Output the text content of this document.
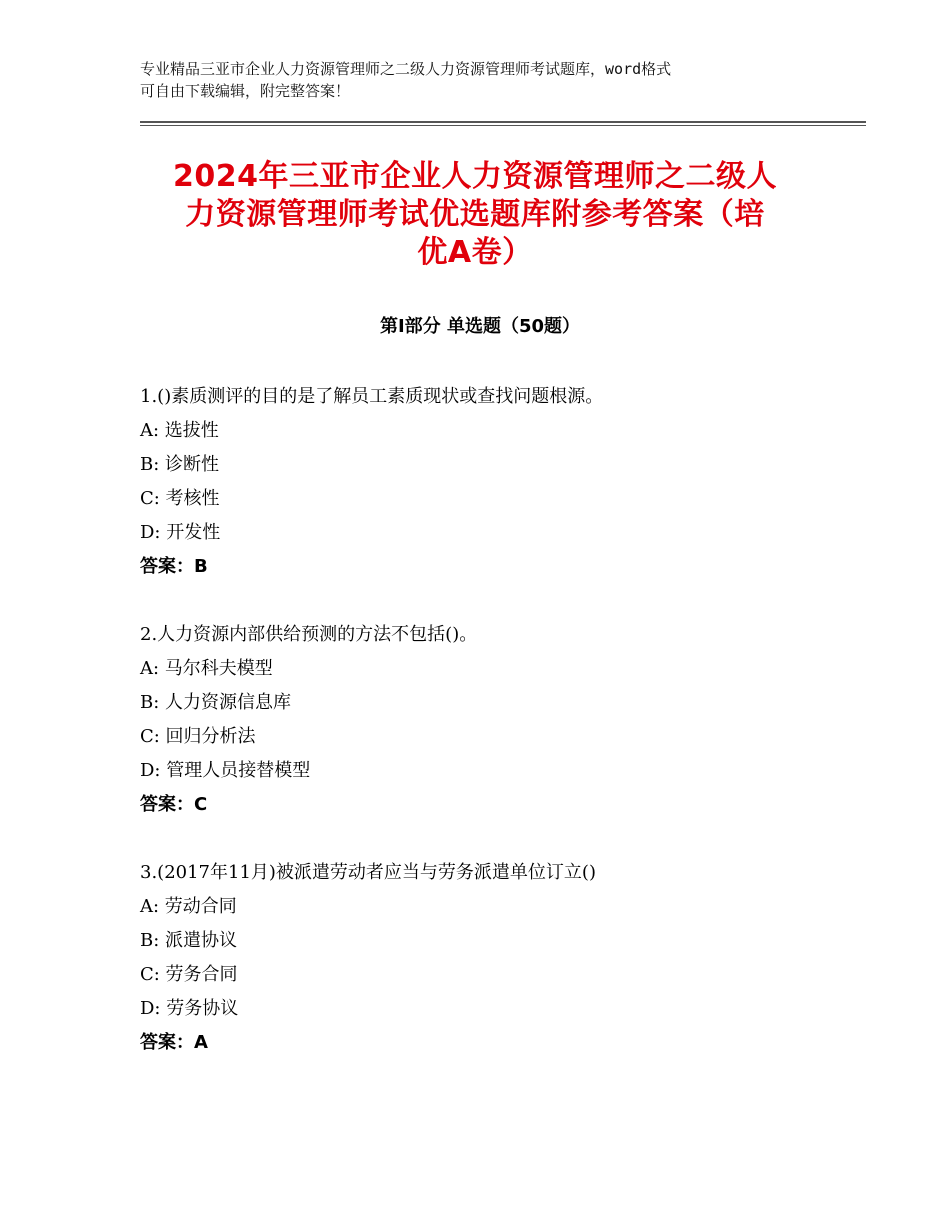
专业精品三亚市企业人力资源管理师之二级人力资源管理师考试题库，word格式
可自由下载编辑，附完整答案！
2024年三亚市企业人力资源管理师之二级人
力资源管理师考试优选题库附参考答案（培
优A卷）
第Ⅰ部分 单选题（50题）
1.()素质测评的目的是了解员工素质现状或查找问题根源。
A: 选拔性
B: 诊断性
C: 考核性
D: 开发性
答案：B
2.人力资源内部供给预测的方法不包括()。
A: 马尔科夫模型
B: 人力资源信息库
C: 回归分析法
D: 管理人员接替模型
答案：C
3.(2017年11月)被派遣劳动者应当与劳务派遣单位订立()
A: 劳动合同
B: 派遣协议
C: 劳务合同
D: 劳务协议
答案：A
